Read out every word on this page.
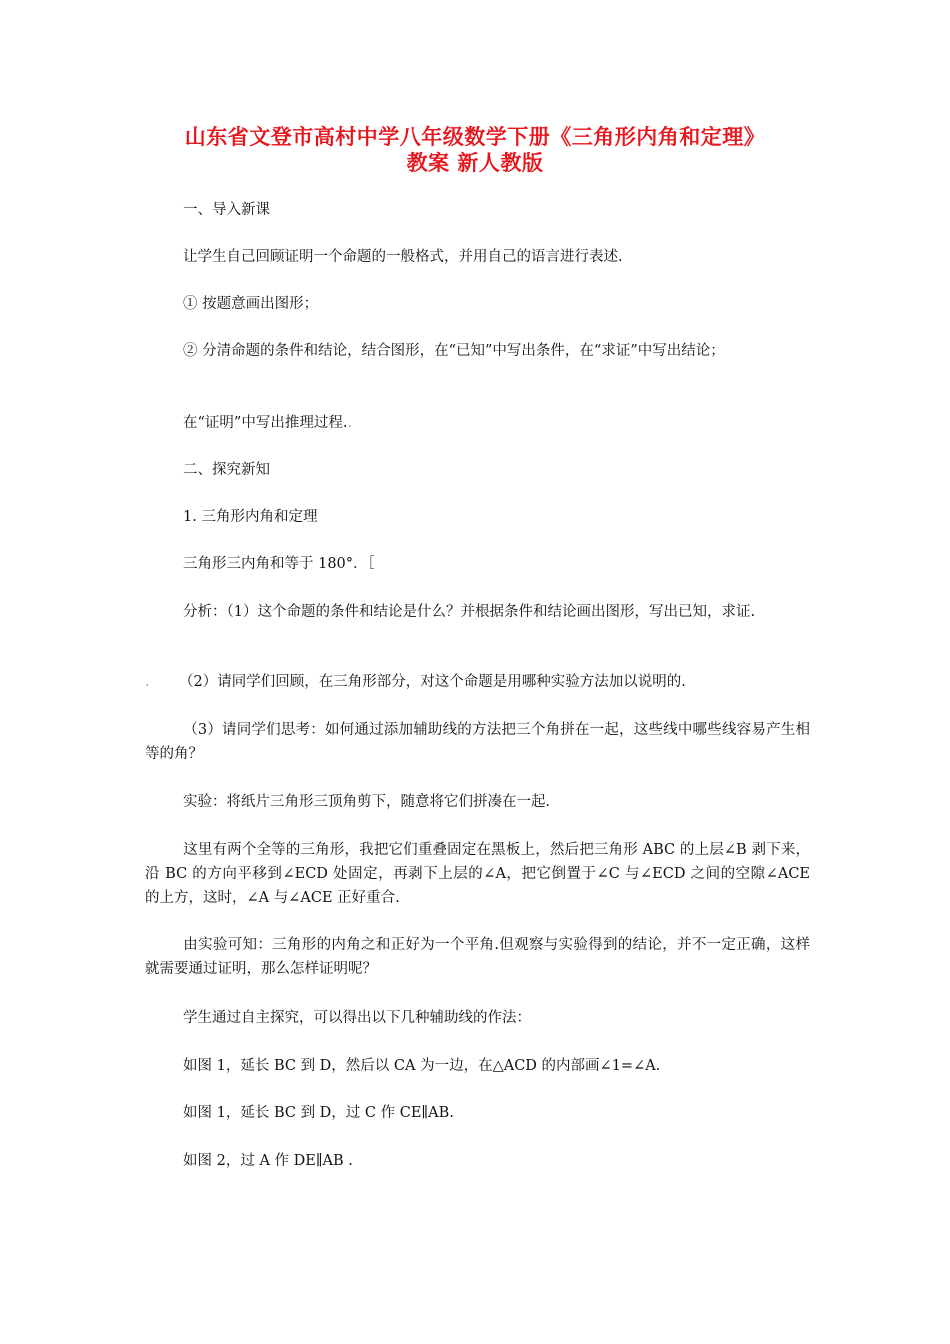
山东省文登市高村中学八年级数学下册《三角形内角和定理》
教案 新人教版
一、导入新课
让学生自己回顾证明一个命题的一般格式，并用自己的语言进行表述.
① 按题意画出图形；
② 分清命题的条件和结论，结合图形，在“已知”中写出条件，在“求证”中写出结论；
在“证明”中写出推理过程..
二、探究新知
1. 三角形内角和定理
三角形三内角和等于 180°．［
分析：（1）这个命题的条件和结论是什么？并根据条件和结论画出图形，写出已知，求证.
. （2）请同学们回顾，在三角形部分，对这个命题是用哪种实验方法加以说明的.
（3）请同学们思考：如何通过添加辅助线的方法把三个角拼在一起，这些线中哪些线容易产生相等的角？
实验：将纸片三角形三顶角剪下，随意将它们拼凑在一起.
这里有两个全等的三角形，我把它们重叠固定在黑板上，然后把三角形 ABC 的上层∠B 剥下来，沿 BC 的方向平移到∠ECD 处固定，再剥下上层的∠A，把它倒置于∠C 与∠ECD 之间的空隙∠ACE 的上方，这时，∠A 与∠ACE 正好重合.
由实验可知：三角形的内角之和正好为一个平角.但观察与实验得到的结论，并不一定正确，这样就需要通过证明，那么怎样证明呢？
学生通过自主探究，可以得出以下几种辅助线的作法：
如图 1，延长 BC 到 D，然后以 CA 为一边，在△ACD 的内部画∠1=∠A.
如图 1，延长 BC 到 D，过 C 作 CE∥AB.
如图 2，过 A 作 DE∥AB .
